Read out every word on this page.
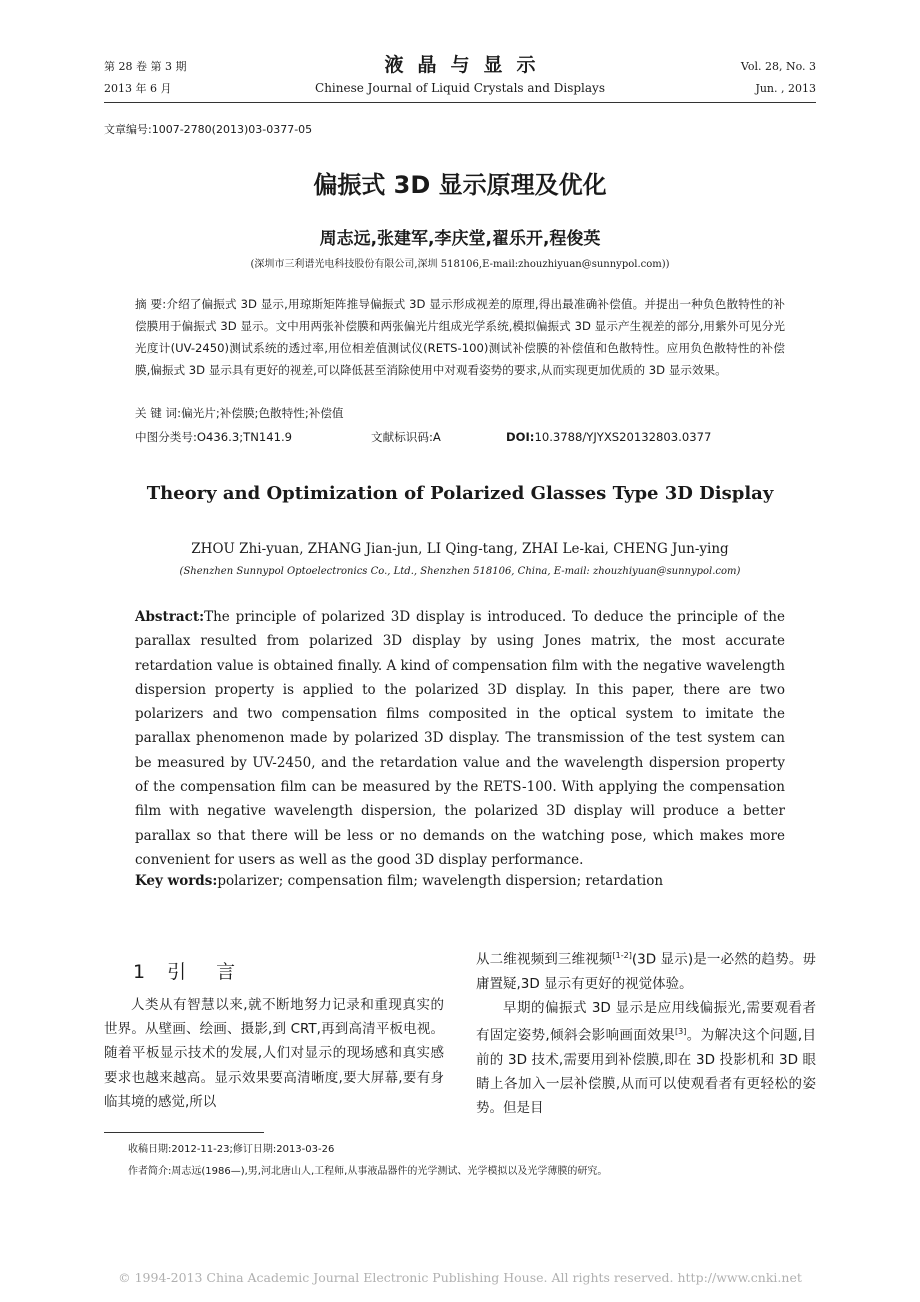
第 28 卷 第 3 期
2013 年 6 月
液晶与显示
Chinese Journal of Liquid Crystals and Displays
Vol. 28, No. 3
Jun. , 2013
文章编号:1007-2780(2013)03-0377-05
偏振式 3D 显示原理及优化
周志远,张建军,李庆堂,翟乐开,程俊英
(深圳市三利谱光电科技股份有限公司,深圳 518106,E-mail:zhouzhiyuan@sunnypol.com))
摘 要:介绍了偏振式 3D 显示,用琼斯矩阵推导偏振式 3D 显示形成视差的原理,得出最准确补偿值。并提出一种负色散特性的补偿膜用于偏振式 3D 显示。文中用两张补偿膜和两张偏光片组成光学系统,模拟偏振式 3D 显示产生视差的部分,用紫外可见分光光度计(UV-2450)测试系统的透过率,用位相差值测试仪(RETS-100)测试补偿膜的补偿值和色散特性。应用负色散特性的补偿膜,偏振式 3D 显示具有更好的视差,可以降低甚至消除使用中对观看姿势的要求,从而实现更加优质的 3D 显示效果。
关 键 词:偏光片;补偿膜;色散特性;补偿值
中图分类号:O436.3;TN141.9	文献标识码:A	DOI:10.3788/YJYXS20132803.0377
Theory and Optimization of Polarized Glasses Type 3D Display
ZHOU Zhi-yuan, ZHANG Jian-jun, LI Qing-tang, ZHAI Le-kai, CHENG Jun-ying
(Shenzhen Sunnypol Optoelectronics Co., Ltd., Shenzhen 518106, China, E-mail: zhouzhiyuan@sunnypol.com)
Abstract:The principle of polarized 3D display is introduced. To deduce the principle of the parallax resulted from polarized 3D display by using Jones matrix, the most accurate retardation value is obtained finally. A kind of compensation film with the negative wavelength dispersion property is applied to the polarized 3D display. In this paper, there are two polarizers and two compensation films composited in the optical system to imitate the parallax phenomenon made by polarized 3D display. The transmission of the test system can be measured by UV-2450, and the retardation value and the wavelength dispersion property of the compensation film can be measured by the RETS-100. With applying the compensation film with negative wavelength dispersion, the polarized 3D display will produce a better parallax so that there will be less or no demands on the watching pose, which makes more convenient for users as well as the good 3D display performance.
Key words:polarizer; compensation film; wavelength dispersion; retardation
1 引言
人类从有智慧以来,就不断地努力记录和重现真实的世界。从壁画、绘画、摄影,到 CRT,再到高清平板电视。随着平板显示技术的发展,人们对显示的现场感和真实感要求也越来越高。显示效果要高清晰度,要大屏幕,要有身临其境的感觉,所以

从二维视频到三维视频[1-2](3D 显示)是一必然的趋势。毋庸置疑,3D 显示有更好的视觉体验。

早期的偏振式 3D 显示是应用线偏振光,需要观看者有固定姿势,倾斜会影响画面效果[3]。为解决这个问题,目前的 3D 技术,需要用到补偿膜,即在 3D 投影机和 3D 眼睛上各加入一层补偿膜,从而可以使观看者有更轻松的姿势。但是目

收稿日期:2012-11-23;修订日期:2013-03-26
作者简介:周志远(1986—),男,河北唐山人,工程师,从事液晶器件的光学测试、光学模拟以及光学薄膜的研究。
© 1994-2013 China Academic Journal Electronic Publishing House. All rights reserved. http://www.cnki.net
